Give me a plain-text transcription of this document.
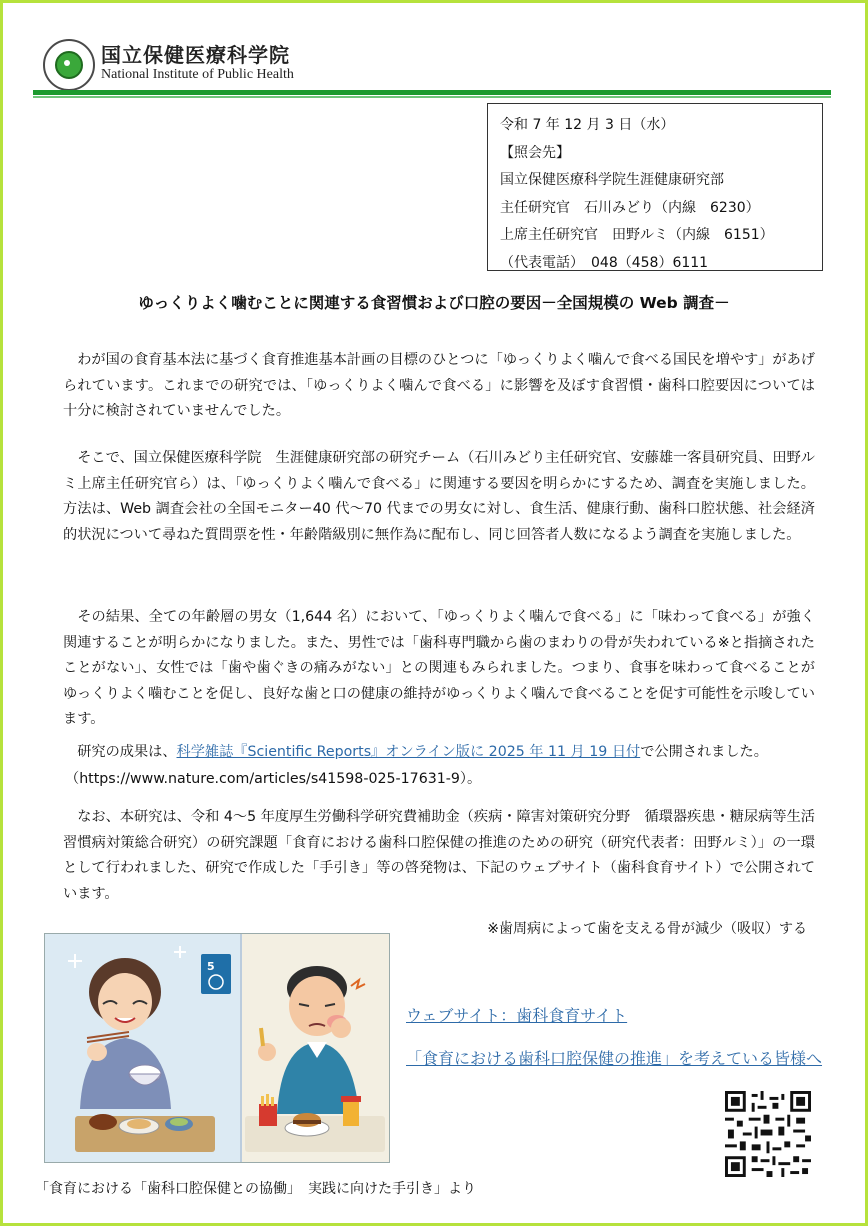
国立保健医療科学院
National Institute of Public Health
令和 7 年 12 月 3 日（水）
【照会先】
国立保健医療科学院生涯健康研究部
主任研究官　石川みどり（内線　6230）
上席主任研究官　田野ルミ（内線　6151）
（代表電話）　048（458）6111
ゆっくりよく噛むことに関連する食習慣および口腔の要因－全国規模の Web 調査－
わが国の食育基本法に基づく食育推進基本計画の目標のひとつに「ゆっくりよく噛んで食べる国民を増やす」があげられています。これまでの研究では、「ゆっくりよく噛んで食べる」に影響を及ぼす食習慣・歯科口腔要因については十分に検討されていませんでした。
そこで、国立保健医療科学院　生涯健康研究部の研究チーム（石川みどり主任研究官、安藤雄一客員研究員、田野ルミ上席主任研究官ら）は、「ゆっくりよく噛んで食べる」に関連する要因を明らかにするため、調査を実施しました。方法は、Web 調査会社の全国モニター40 代～70 代までの男女に対し、食生活、健康行動、歯科口腔状態、社会経済的状況について尋ねた質問票を性・年齢階級別に無作為に配布し、同じ回答者人数になるよう調査を実施しました。
その結果、全ての年齢層の男女（1,644 名）において、「ゆっくりよく噛んで食べる」に「味わって食べる」が強く関連することが明らかになりました。また、男性では「歯科専門職から歯のまわりの骨が失われている※と指摘されたことがない」、女性では「歯や歯ぐきの痛みがない」との関連もみられました。つまり、食事を味わって食べることがゆっくりよく噛むことを促し、良好な歯と口の健康の維持がゆっくりよく噛んで食べることを促す可能性を示唆しています。
研究の成果は、科学雑誌『Scientific Reports』オンライン版に 2025 年 11 月 19 日付で公開されました。
（https://www.nature.com/articles/s41598-025-17631-9）。
なお、本研究は、令和 4～5 年度厚生労働科学研究費補助金（疾病・障害対策研究分野　循環器疾患・糖尿病等生活習慣病対策総合研究）の研究課題「食育における歯科口腔保健の推進のための研究（研究代表者：田野ルミ）」の一環として行われました、研究で作成した「手引き」等の啓発物は、下記のウェブサイト（歯科食育サイト）で公開されています。
※歯周病によって歯を支える骨が減少（吸収）する
5
ウェブサイト：歯科食育サイト
「食育における歯科口腔保健の推進」を考えている皆様へ
「食育における「歯科口腔保健との協働」　実践に向けた手引き」より
